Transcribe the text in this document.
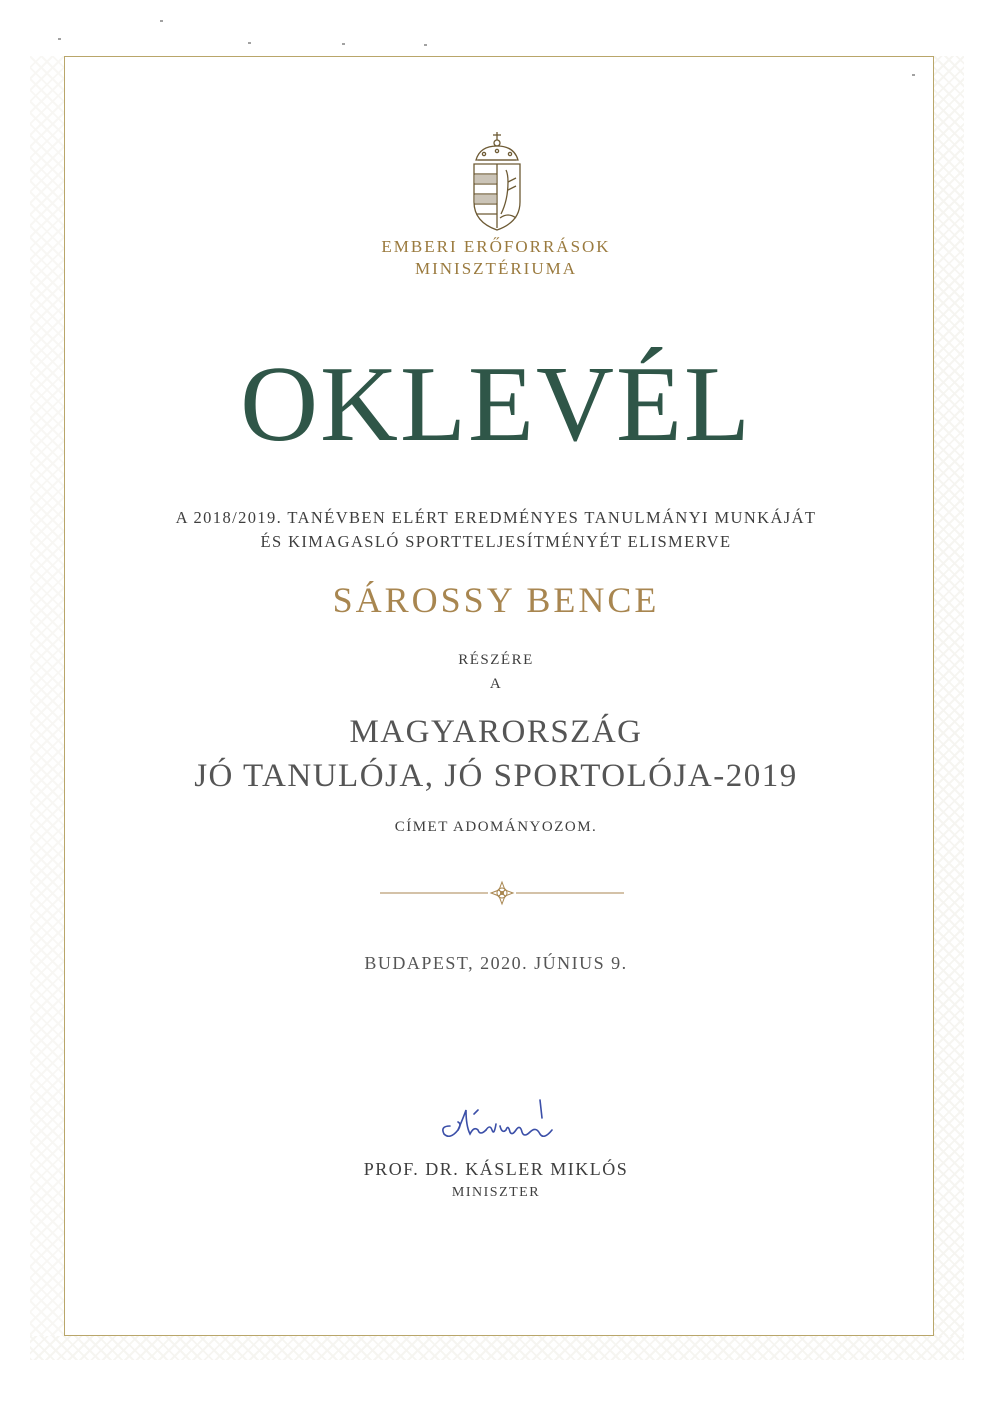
EMBERI ERŐFORRÁSOK
MINISZTÉRIUMA
OKLEVÉL
A 2018/2019. TANÉVBEN ELÉRT EREDMÉNYES TANULMÁNYI MUNKÁJÁT
ÉS KIMAGASLÓ SPORTTELJESÍTMÉNYÉT ELISMERVE
SÁROSSY BENCE
RÉSZÉRE
A
MAGYARORSZÁG
JÓ TANULÓJA, JÓ SPORTOLÓJA-2019
CÍMET ADOMÁNYOZOM.
BUDAPEST, 2020. JÚNIUS 9.
PROF. DR. KÁSLER MIKLÓS
MINISZTER
